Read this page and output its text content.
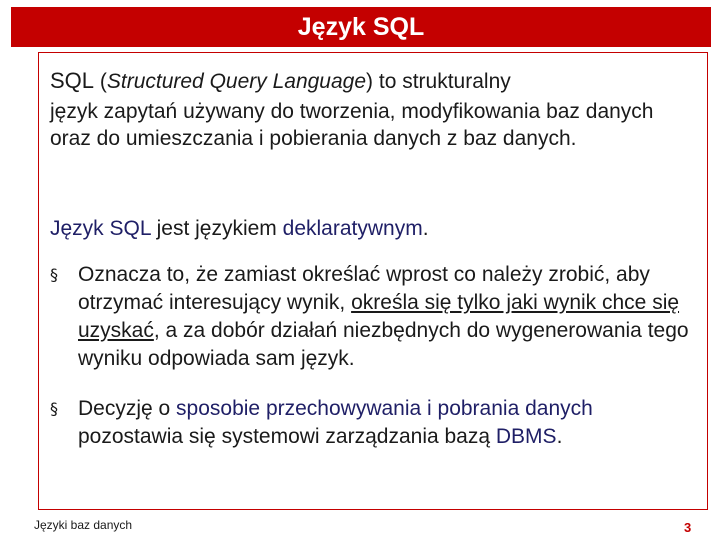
Język SQL
SQL (Structured Query Language) to strukturalny
język zapytań używany do tworzenia, modyfikowania baz danych oraz do umieszczania i pobierania danych z baz danych.
Język SQL jest językiem deklaratywnym.
§ Oznacza to, że zamiast określać wprost co należy zrobić, aby otrzymać interesujący wynik, określa się tylko jaki wynik chce się uzyskać, a za dobór działań niezbędnych do wygenerowania tego wyniku odpowiada sam język.
§ Decyzję o sposobie przechowywania i pobrania danych pozostawia się systemowi zarządzania bazą DBMS.
Języki baz danych	3
